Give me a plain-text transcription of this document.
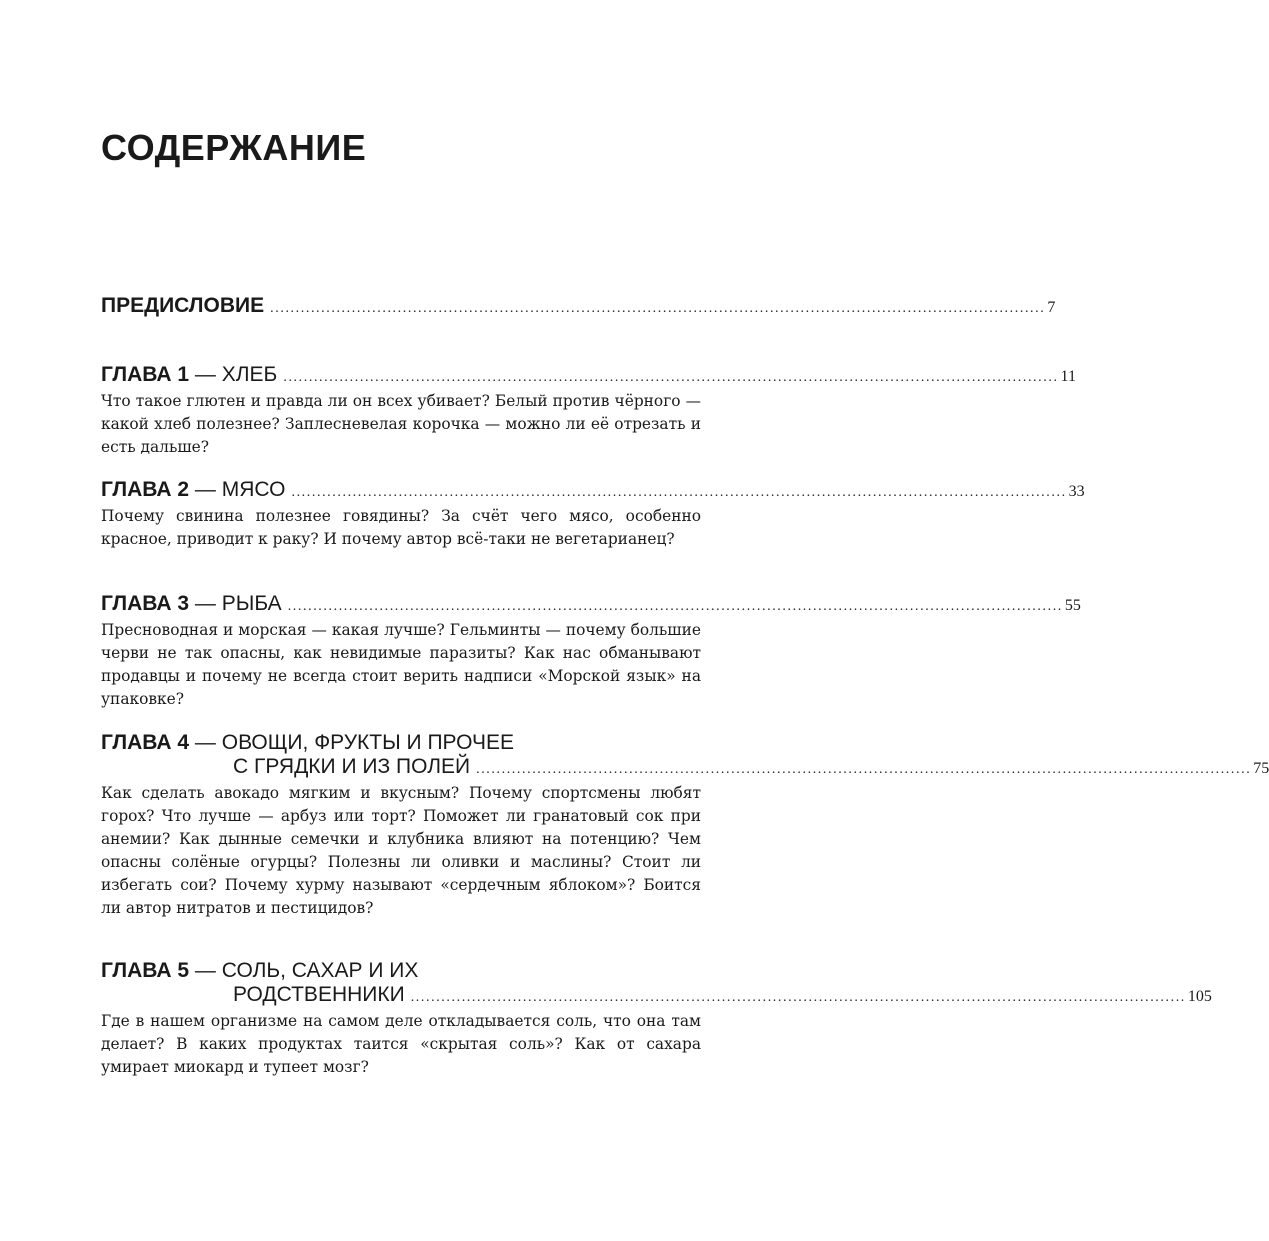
СОДЕРЖАНИЕ
ПРЕДИСЛОВИЕ ........................................................................................................................................................ 7
ГЛАВА 1 — ХЛЕБ ........................................................................................................................................................ 11

Что такое глютен и правда ли он всех убивает? Белый против чёрного — какой хлеб полезнее? Заплесневелая корочка — можно ли её отрезать и есть дальше?

ГЛАВА 2 — МЯСО ........................................................................................................................................................ 33

Почему свинина полезнее говядины? За счёт чего мясо, особенно красное, приводит к раку? И почему автор всё-таки не вегетарианец?

ГЛАВА 3 — РЫБА ........................................................................................................................................................ 55

Пресноводная и морская — какая лучше? Гельминты — почему большие черви не так опасны, как невидимые паразиты? Как нас обманывают продавцы и почему не всегда стоит верить надписи «Морской язык» на упаковке?

ГЛАВА 4 — ОВОЩИ, ФРУКТЫ И ПРОЧЕЕ
С ГРЯДКИ И ИЗ ПОЛЕЙ ........................................................................................................................................................ 75

Как сделать авокадо мягким и вкусным? Почему спортсмены любят горох? Что лучше — арбуз или торт? Поможет ли гранатовый сок при анемии? Как дынные семечки и клубника влияют на потенцию? Чем опасны солёные огурцы? Полезны ли оливки и маслины? Стоит ли избегать сои? Почему хурму называют «сердечным яблоком»? Боится ли автор нитратов и пестицидов?

ГЛАВА 5 — СОЛЬ, САХАР И ИХ
РОДСТВЕННИКИ ........................................................................................................................................................ 105

Где в нашем организме на самом деле откладывается соль, что она там делает? В каких продуктах таится «скрытая соль»? Как от сахара умирает миокард и тупеет мозг?
